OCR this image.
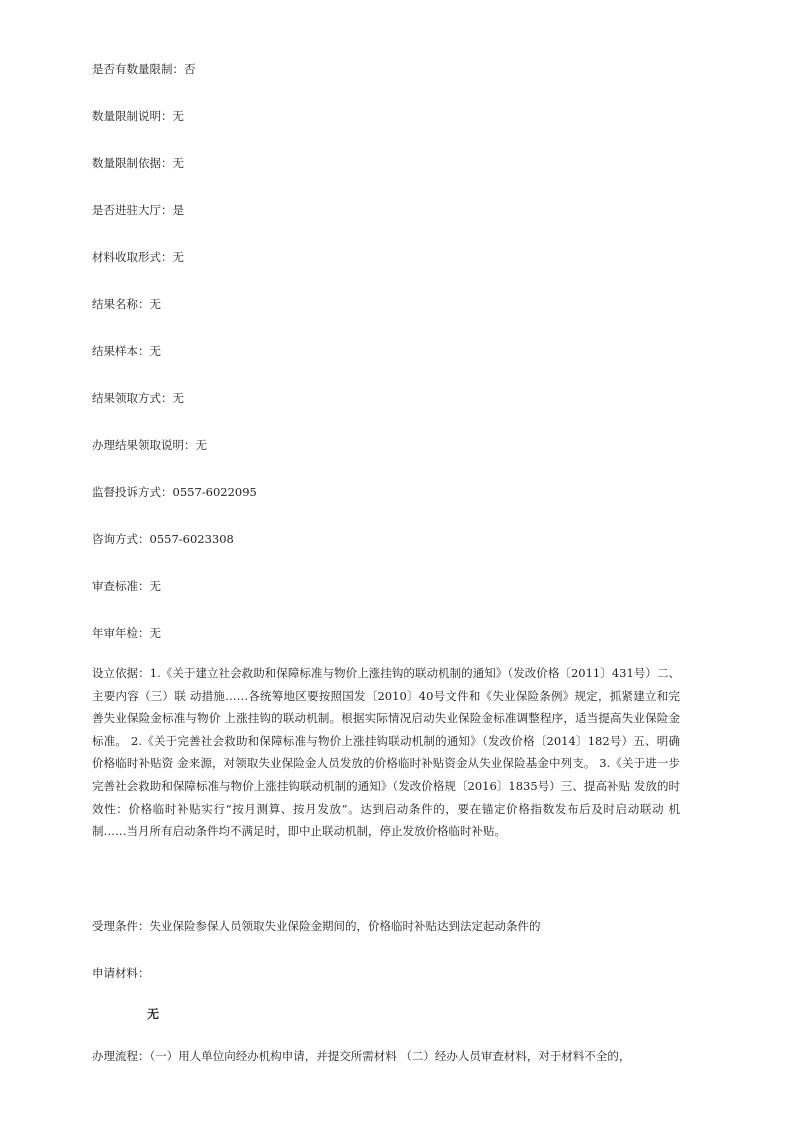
是否有数量限制：否

数量限制说明：无

数量限制依据：无

是否进驻大厅：是

材料收取形式：无

结果名称：无

结果样本：无

结果领取方式：无

办理结果领取说明：无

监督投诉方式：0557-6022095

咨询方式：0557-6023308

审查标准：无

年审年检：无

设立依据：1.《关于建立社会救助和保障标准与物价上涨挂钩的联动机制的通知》（发改价格〔2011〕431号）二、主要内容（三）联 动措施……各统筹地区要按照国发〔2010〕40号文件和《失业保险条例》规定，抓紧建立和完善失业保险金标准与物价 上涨挂钩的联动机制。根据实际情况启动失业保险金标准调整程序，适当提高失业保险金标准。 2.《关于完善社会救助和保障标准与物价上涨挂钩联动机制的通知》（发改价格〔2014〕182号）五、明确价格临时补贴资 金来源，对领取失业保险金人员发放的价格临时补贴资金从失业保险基金中列支。 3.《关于进一步完善社会救助和保障标准与物价上涨挂钩联动机制的通知》（发改价格规〔2016〕1835号）三、提高补贴 发放的时效性：价格临时补贴实行“按月测算、按月发放”。达到启动条件的，要在锚定价格指数发布后及时启动联动 机制……当月所有启动条件均不满足时，即中止联动机制，停止发放价格临时补贴。

受理条件：失业保险参保人员领取失业保险金期间的，价格临时补贴达到法定起动条件的

申请材料：

无

办理流程：（一）用人单位向经办机构申请，并提交所需材料 （二）经办人员审查材料，对于材料不全的，
